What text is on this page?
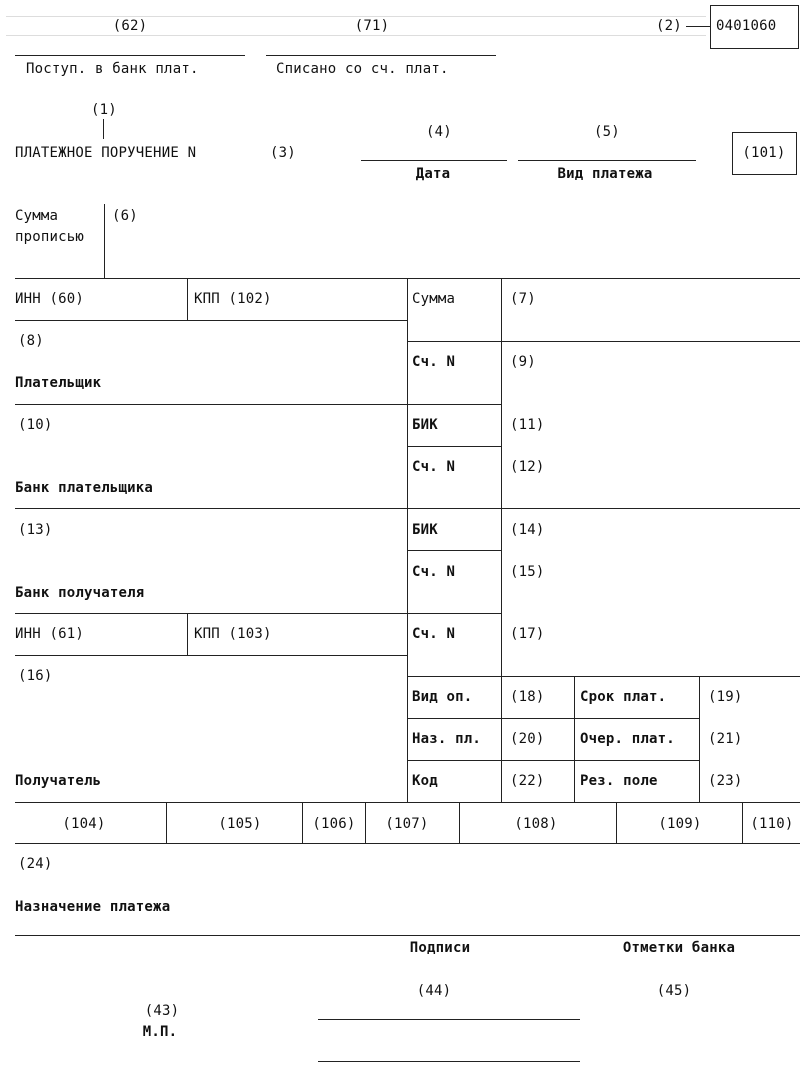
(62)	(71)	(2) 0401060
Поступ. в банк плат.	Списано со сч. плат.
(1)
ПЛАТЕЖНОЕ ПОРУЧЕНИЕ N	(3)
(4)	(5)
Дата	Вид платежа
(101)
Сумма
прописью
(6)
ИНН (60)	КПП (102)
(8)
Плательщик
Сумма	(7)
Сч. N	(9)
(10)
Банк плательщика
БИК	(11)
Сч. N	(12)
(13)
Банк получателя
БИК	(14)
Сч. N	(15)
ИНН (61)	КПП (103)	Сч. N	(17)
(16)
Получатель
Вид оп.	(18)	Срок плат.	(19)
Наз. пл. (20)	Очер. плат. (21)
Код	(22)	Рез. поле	(23)
(104)	(105)	(106) (107)	(108)	(109)	(110)
(24)
Назначение платежа
Подписи	Отметки банка
(43)
М.П.
(44)	(45)
